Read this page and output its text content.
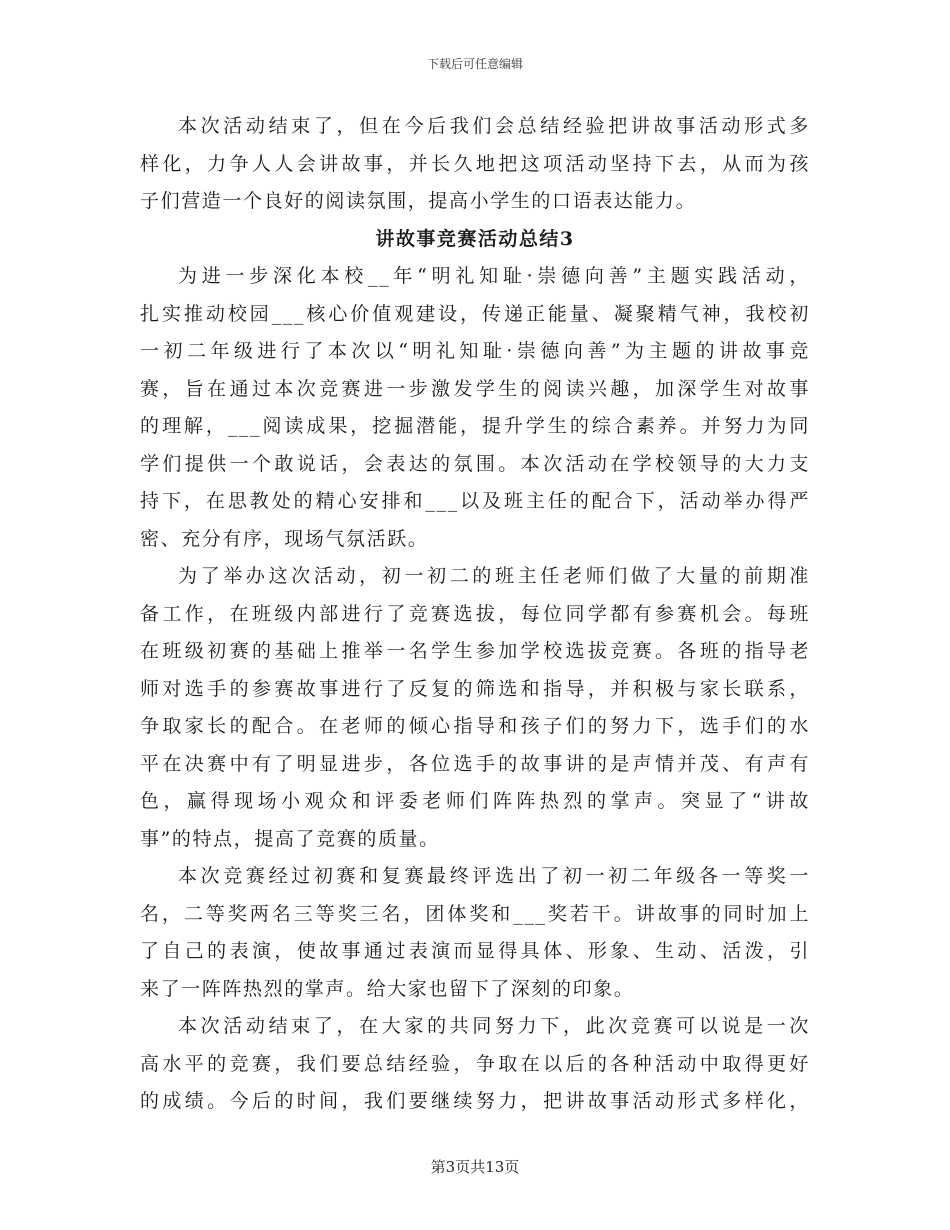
下载后可任意编辑
本次活动结束了，但在今后我们会总结经验把讲故事活动形式多
样化，力争人人会讲故事，并长久地把这项活动坚持下去，从而为孩
子们营造一个良好的阅读氛围，提高小学生的口语表达能力。
讲故事竞赛活动总结3
为进一步深化本校__年“明礼知耻·崇德向善”主题实践活动，
扎实推动校园___核心价值观建设，传递正能量、凝聚精气神，我校初
一初二年级进行了本次以“明礼知耻·崇德向善”为主题的讲故事竞
赛，旨在通过本次竞赛进一步激发学生的阅读兴趣，加深学生对故事
的理解，___阅读成果，挖掘潜能，提升学生的综合素养。并努力为同
学们提供一个敢说话，会表达的氛围。本次活动在学校领导的大力支
持下，在思教处的精心安排和___以及班主任的配合下，活动举办得严
密、充分有序，现场气氛活跃。
为了举办这次活动，初一初二的班主任老师们做了大量的前期准
备工作，在班级内部进行了竞赛选拔，每位同学都有参赛机会。每班
在班级初赛的基础上推举一名学生参加学校选拔竞赛。各班的指导老
师对选手的参赛故事进行了反复的筛选和指导，并积极与家长联系，
争取家长的配合。在老师的倾心指导和孩子们的努力下，选手们的水
平在决赛中有了明显进步，各位选手的故事讲的是声情并茂、有声有
色，赢得现场小观众和评委老师们阵阵热烈的掌声。突显了“讲故
事”的特点，提高了竞赛的质量。
本次竞赛经过初赛和复赛最终评选出了初一初二年级各一等奖一
名，二等奖两名三等奖三名，团体奖和___奖若干。讲故事的同时加上
了自己的表演，使故事通过表演而显得具体、形象、生动、活泼，引
来了一阵阵热烈的掌声。给大家也留下了深刻的印象。
本次活动结束了，在大家的共同努力下，此次竞赛可以说是一次
高水平的竞赛，我们要总结经验，争取在以后的各种活动中取得更好
的成绩。今后的时间，我们要继续努力，把讲故事活动形式多样化，
第3页共13页
